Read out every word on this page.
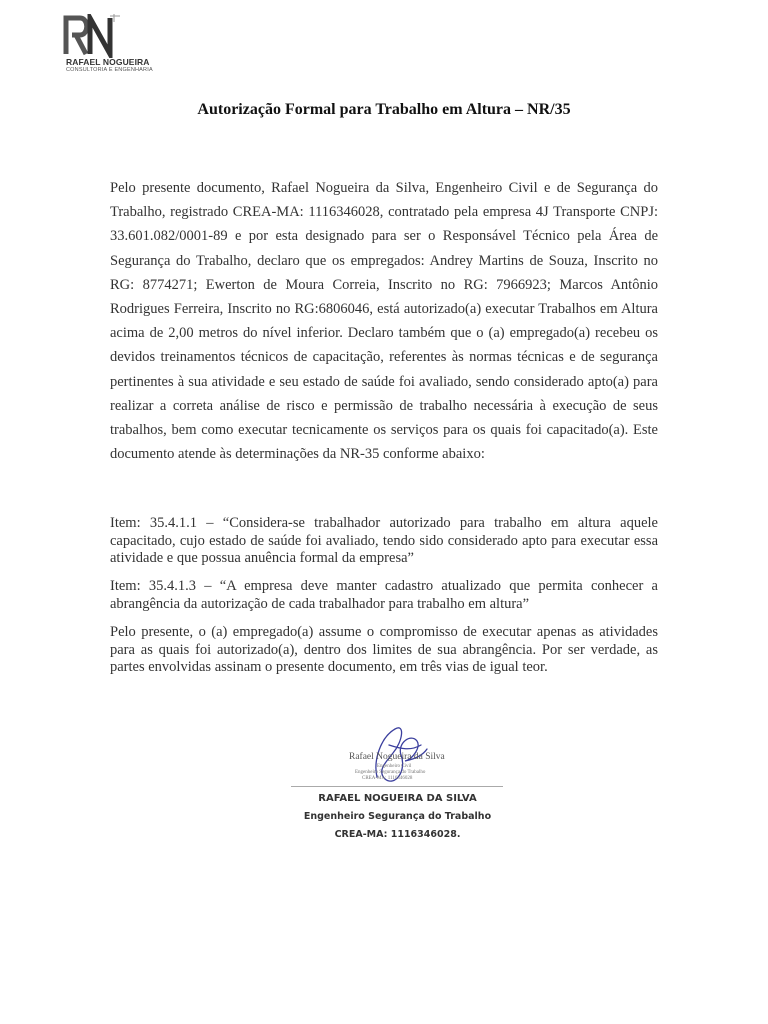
RAFAEL NOGUEIRA
CONSULTORIA E ENGENHARIA
Autorização Formal para Trabalho em Altura – NR/35

Pelo presente documento, Rafael Nogueira da Silva, Engenheiro Civil e de Segurança do Trabalho, registrado CREA-MA: 1116346028, contratado pela empresa 4J Transporte CNPJ: 33.601.082/0001-89 e por esta designado para ser o Responsável Técnico pela Área de Segurança do Trabalho, declaro que os empregados: Andrey Martins de Souza, Inscrito no RG: 8774271; Ewerton de Moura Correia, Inscrito no RG: 7966923; Marcos Antônio Rodrigues Ferreira, Inscrito no RG:6806046, está autorizado(a) executar Trabalhos em Altura acima de 2,00 metros do nível inferior. Declaro também que o (a) empregado(a) recebeu os devidos treinamentos técnicos de capacitação, referentes às normas técnicas e de segurança pertinentes à sua atividade e seu estado de saúde foi avaliado, sendo considerado apto(a) para realizar a correta análise de risco e permissão de trabalho necessária à execução de seus trabalhos, bem como executar tecnicamente os serviços para os quais foi capacitado(a). Este documento atende às determinações da NR-35 conforme abaixo:

Item: 35.4.1.1 – “Considera-se trabalhador autorizado para trabalho em altura aquele capacitado, cujo estado de saúde foi avaliado, tendo sido considerado apto para executar essa atividade e que possua anuência formal da empresa”

Item: 35.4.1.3 – “A empresa deve manter cadastro atualizado que permita conhecer a abrangência da autorização de cada trabalhador para trabalho em altura”

Pelo presente, o (a) empregado(a) assume o compromisso de executar apenas as atividades para as quais foi autorizado(a), dentro dos limites de sua abrangência. Por ser verdade, as partes envolvidas assinam o presente documento, em três vias de igual teor.

Rafael Nogueira da Silva
Engenheiro Civil
Engenheiro Segurança do Trabalho
CREA-MA: 1116346028
RAFAEL NOGUEIRA DA SILVA
Engenheiro Segurança do Trabalho
CREA-MA: 1116346028.
